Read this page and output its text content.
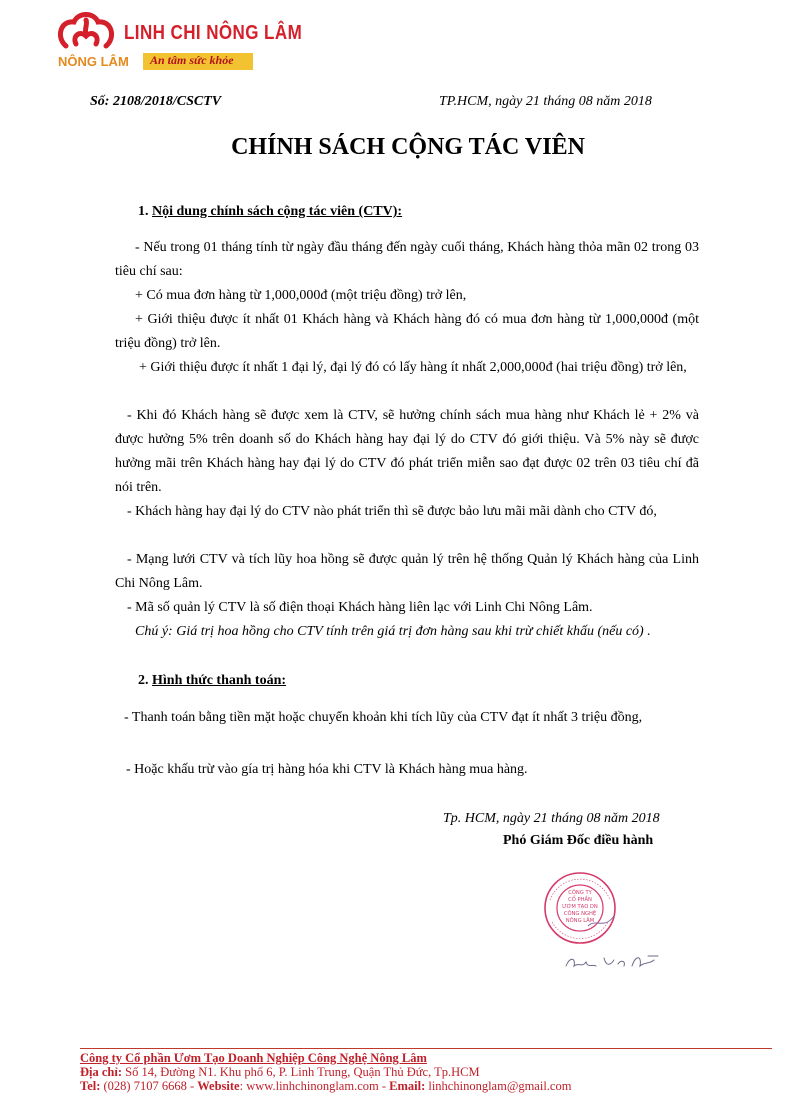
LINH CHI NÔNG LÂM
NÔNG LÂM An tâm sức khỏe
Số: 2108/2018/CSCTV	TP.HCM, ngày 21 tháng 08 năm 2018
CHÍNH SÁCH CỘNG TÁC VIÊN
1. Nội dung chính sách cộng tác viên (CTV):
- Nếu trong 01 tháng tính từ ngày đầu tháng đến ngày cuối tháng, Khách hàng thỏa mãn 02 trong 03 tiêu chí sau:
+ Có mua đơn hàng từ 1,000,000đ (một triệu đồng) trở lên,
+ Giới thiệu được ít nhất 01 Khách hàng và Khách hàng đó có mua đơn hàng từ 1,000,000đ (một triệu đồng) trở lên.
+ Giới thiệu được ít nhất 1 đại lý, đại lý đó có lấy hàng ít nhất 2,000,000đ (hai triệu đồng) trở lên,
- Khi đó Khách hàng sẽ được xem là CTV, sẽ hưởng chính sách mua hàng như Khách lẻ + 2% và được hưởng 5% trên doanh số do Khách hàng hay đại lý do CTV đó giới thiệu. Và 5% này sẽ được hưởng mãi trên Khách hàng hay đại lý do CTV đó phát triển miễn sao đạt được 02 trên 03 tiêu chí đã nói trên.
- Khách hàng hay đại lý do CTV nào phát triển thì sẽ được bảo lưu mãi mãi dành cho CTV đó,
- Mạng lưới CTV và tích lũy hoa hồng sẽ được quản lý trên hệ thống Quản lý Khách hàng của Linh Chi Nông Lâm.
- Mã số quản lý CTV là số điện thoại Khách hàng liên lạc với Linh Chi Nông Lâm.
Chú ý: Giá trị hoa hồng cho CTV tính trên giá trị đơn hàng sau khi trừ chiết khấu (nếu có) .
2. Hình thức thanh toán:
- Thanh toán bằng tiền mặt hoặc chuyển khoản khi tích lũy của CTV đạt ít nhất 3 triệu đồng,
- Hoặc khấu trừ vào gía trị hàng hóa khi CTV là Khách hàng mua hàng.
Tp. HCM, ngày 21 tháng 08 năm 2018
Phó Giám Đốc điều hành
CÔNG TY
CỔ PHẦN
ƯƠM TẠO DN
CÔNG NGHỆ
NÔNG LÂM
Công ty Cổ phần Ươm Tạo Doanh Nghiệp Công Nghệ Nông Lâm
Địa chỉ: Số 14, Đường N1. Khu phố 6, P. Linh Trung, Quận Thủ Đức, Tp.HCM
Tel: (028) 7107 6668 - Website: www.linhchinonglam.com - Email: linhchinonglam@gmail.com
